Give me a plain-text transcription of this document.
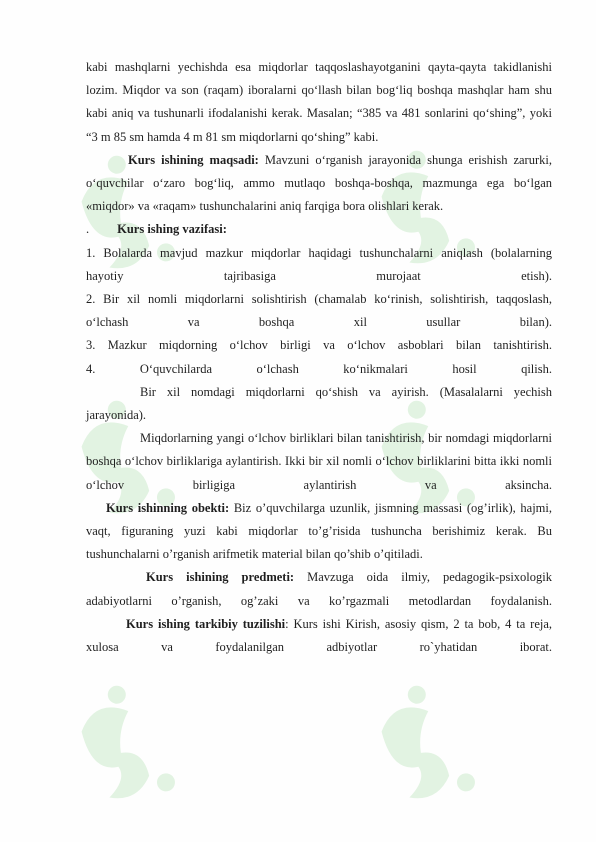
kabi mashqlarni yechishda esa miqdorlar taqqoslashayotganini qayta-qayta takidlanishi lozim. Miqdor va son (raqam) iboralarni qo‘llash bilan bog‘liq boshqa mashqlar ham shu kabi aniq va tushunarli ifodalanishi kerak. Masalan; “385 va 481 sonlarini qo‘shing”, yoki “3 m 85 sm hamda 4 m 81 sm miqdorlarni qo‘shing” kabi.

Kurs ishining maqsadi: Mavzuni o‘rganish jarayonida shunga erishish zarurki, o‘quvchilar o‘zaro bog‘liq, ammo mutlaqo boshqa-boshqa, mazmunga ega bo‘lgan «miqdor» va «raqam» tushunchalarini aniq farqiga bora olishlari kerak.

. Kurs ishing vazifasi:

1. Bolalarda mavjud mazkur miqdorlar haqidagi tushunchalarni aniqlash (bolalarning hayotiy tajribasiga murojaat etish).

2. Bir xil nomli miqdorlarni solishtirish (chamalab ko‘rinish, solishtirish, taqqoslash, o‘lchash va boshqa xil usullar bilan).

3. Mazkur miqdorning o‘lchov birligi va o‘lchov asboblari bilan tanishtirish.

4. O‘quvchilarda o‘lchash ko‘nikmalari hosil qilish.

Bir xil nomdagi miqdorlarni qo‘shish va ayirish. (Masalalarni yechish jarayonida).

Miqdorlarning yangi o‘lchov birliklari bilan tanishtirish, bir nomdagi miqdorlarni boshqa o‘lchov birliklariga aylantirish. Ikki bir xil nomli o‘lchov birliklarini bitta ikki nomli o‘lchov birligiga aylantirish va aksincha.

Kurs ishinning obekti: Biz o’quvchilarga uzunlik, jismning massasi (og’irlik), hajmi, vaqt, figuraning yuzi kabi miqdorlar to’g’risida tushuncha berishimiz kerak. Bu tushunchalarni o’rganish arifmetik material bilan qo’shib o’qitiladi.

Kurs ishining predmeti: Mavzuga oida ilmiy, pedagogik-psixologik adabiyotlarni o’rganish, og’zaki va ko’rgazmali metodlardan foydalanish.

Kurs ishing tarkibiy tuzilishi: Kurs ishi Kirish, asosiy qism, 2 ta bob, 4 ta reja, xulosa va foydalanilgan adbiyotlar ro`yhatidan iborat.
